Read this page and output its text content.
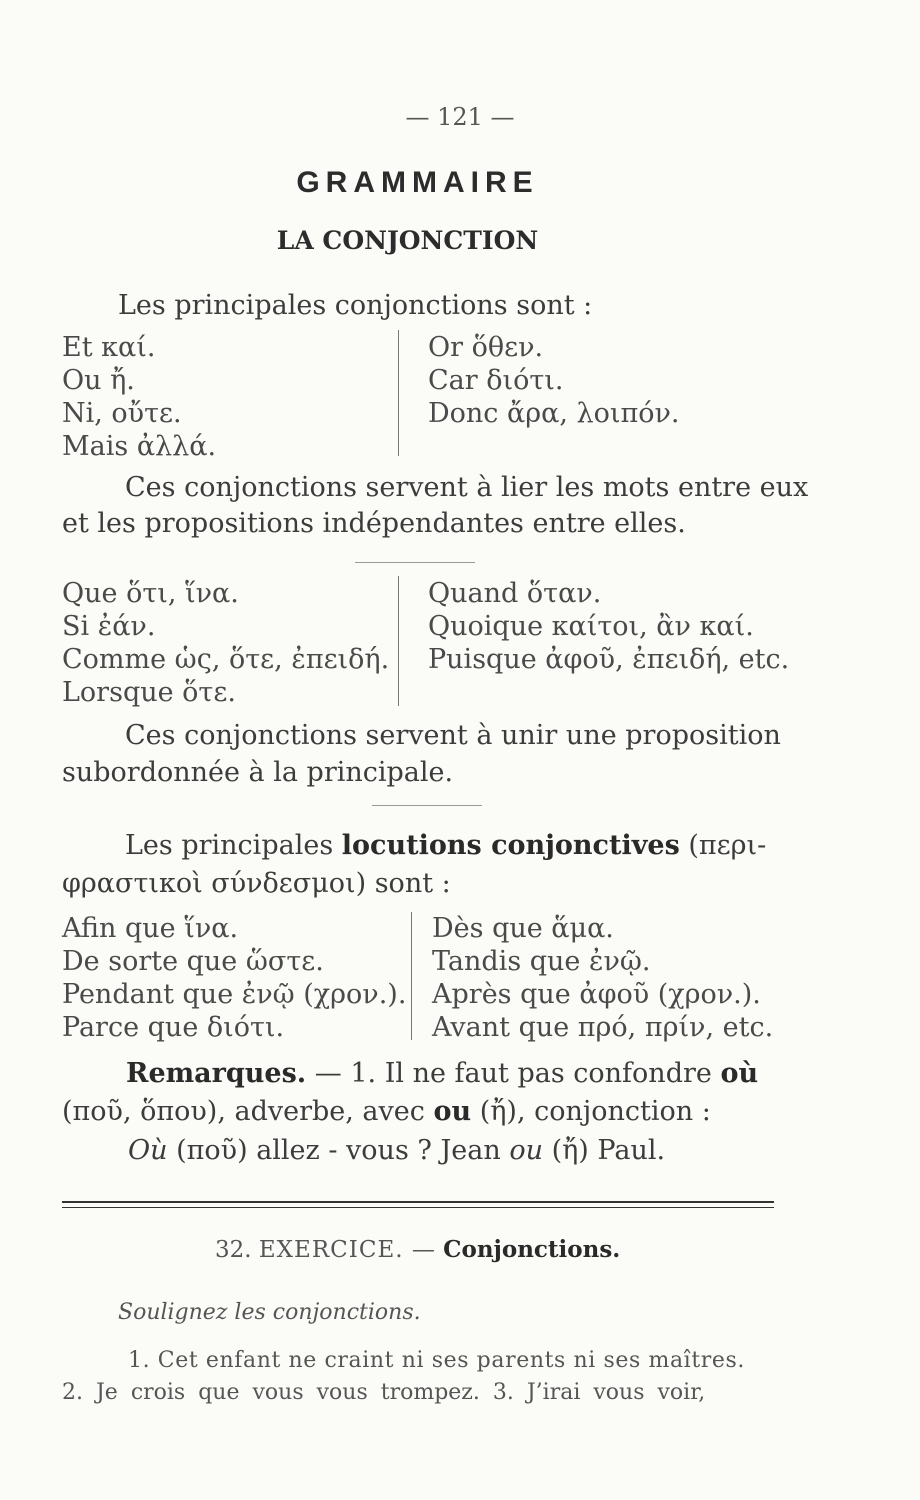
— 121 —
GRAMMAIRE
LA CONJONCTION
Les principales conjonctions sont :
Et καί.
Ou ἤ.
Ni, οὔτε.
Mais ἀλλά.
Or ὅθεν.
Car διότι.
Donc ἄρα, λοιπόν.
Ces conjonctions servent à lier les mots entre eux
et les propositions indépendantes entre elles.
Que ὅτι, ἵνα.
Si ἐάν.
Comme ὡς, ὅτε, ἐπειδή.
Lorsque ὅτε.
Quand ὅταν.
Quoique καίτοι, ἂν καί.
Puisque ἀφοῦ, ἐπειδή, etc.
Ces conjonctions servent à unir une proposition
subordonnée à la principale.
Les principales locutions conjonctives (περι-
φραστικοὶ σύνδεσμοι) sont :
Afin que ἵνα.
De sorte que ὥστε.
Pendant que ἐνῷ (χρον.).
Parce que διότι.
Dès que ἅμα.
Tandis que ἐνῷ.
Après que ἀφοῦ (χρον.).
Avant que πρό, πρίν, etc.
Remarques. — 1. Il ne faut pas confondre où
(ποῦ, ὅπου), adverbe, avec ou (ἤ), conjonction :
Où (ποῦ) allez - vous ? Jean ou (ἤ) Paul.
32. EXERCICE. — Conjonctions.
Soulignez les conjonctions.
1. Cet enfant ne craint ni ses parents ni ses maîtres.
2. Je crois que vous vous trompez. 3. J’irai vous voir,
